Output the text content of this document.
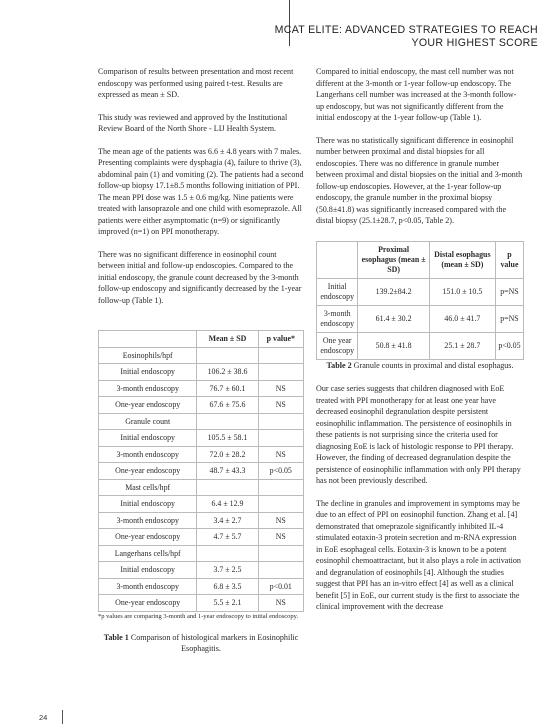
MCAT ELITE: ADVANCED STRATEGIES TO REACH
YOUR HIGHEST SCORE

Comparison of results between presentation and most recent endoscopy was performed using paired t-test. Results are expressed as mean ± SD.

This study was reviewed and approved by the Institutional Review Board of the North Shore - LIJ Health System.

The mean age of the patients was 6.6 ± 4.8 years with 7 males. Presenting complaints were dysphagia (4), failure to thrive (3), abdominal pain (1) and vomiting (2). The patients had a second follow-up biopsy 17.1±8.5 months following initiation of PPI. The mean PPI dose was 1.5 ± 0.6 mg/kg. Nine patients were treated with lansoprazole and one child with esomeprazole. All patients were either asymptomatic (n=9) or significantly improved (n=1) on PPI monotherapy.

There was no significant difference in eosinophil count between initial and follow-up endoscopies. Compared to the initial endoscopy, the granule count decreased by the 3-month follow-up endoscopy and significantly decreased by the 1-year follow-up (Table 1).

	Mean ± SD	p value*
Eosinophils/hpf		
Initial endoscopy	106.2 ± 38.6	
3-month endoscopy	76.7 ± 60.1	NS
One-year endoscopy	67.6 ± 75.6	NS
Granule count		
Initial endoscopy	105.5 ± 58.1	
3-month endoscopy	72.0 ± 28.2	NS
One-year endoscopy	48.7 ± 43.3	p<0.05
Mast cells/hpf		
Initial endoscopy	6.4 ± 12.9	
3-month endoscopy	3.4 ± 2.7	NS
One-year endoscopy	4.7 ± 5.7	NS
Langerhans cells/hpf		
Initial endoscopy	3.7 ± 2.5	
3-month endoscopy	6.8 ± 3.5	p<0.01
One-year endoscopy	5.5 ± 2.1	NS

*p values are comparing 3-month and 1-year endoscopy to initial endoscopy.

Table 1 Comparison of histological markers in Eosinophilic Esophagitis.

Compared to initial endoscopy, the mast cell number was not different at the 3-month or 1-year follow-up endoscopy. The Langerhans cell number was increased at the 3-month follow-up endoscopy, but was not significantly different from the initial endoscopy at the 1-year follow-up (Table 1).

There was no statistically significant difference in eosinophil number between proximal and distal biopsies for all endoscopies. There was no difference in granule number between proximal and distal biopsies on the initial and 3-month follow-up endoscopies. However, at the 1-year follow-up endoscopy, the granule number in the proximal biopsy (50.8±41.8) was significantly increased compared with the distal biopsy (25.1±28.7, p<0.05, Table 2).

	Proximal esophagus (mean ± SD)	Distal esophagus (mean ± SD)	p value
Initial endoscopy	139.2±84.2	151.0 ± 10.5	p=NS
3-month endoscopy	61.4 ± 30.2	46.0 ± 41.7	p=NS
One year endoscopy	50.8 ± 41.8	25.1 ± 28.7	p<0.05

Table 2 Granule counts in proximal and distal esophagus.

Our case series suggests that children diagnosed with EoE treated with PPI monotherapy for at least one year have decreased eosinophil degranulation despite persistent eosinophilic inflammation. The persistence of eosinophils in these patients is not surprising since the criteria used for diagnosing EoE is lack of histologic response to PPI therapy. However, the finding of decreased degranulation despite the persistence of eosinophilic inflammation with only PPI therapy has not been previously described.

The decline in granules and improvement in symptoms may be due to an effect of PPI on eosinophil function. Zhang et al. [4] demonstrated that omeprazole significantly inhibited IL-4 stimulated eotaxin-3 protein secretion and m-RNA expression in EoE esophageal cells. Eotaxin-3 is known to be a potent eosinophil chemoattractant, but it also plays a role in activation and degranulation of eosinophils [4]. Although the studies suggest that PPI has an in-vitro effect [4] as well as a clinical benefit [5] in EoE, our current study is the first to associate the clinical improvement with the decrease

24
